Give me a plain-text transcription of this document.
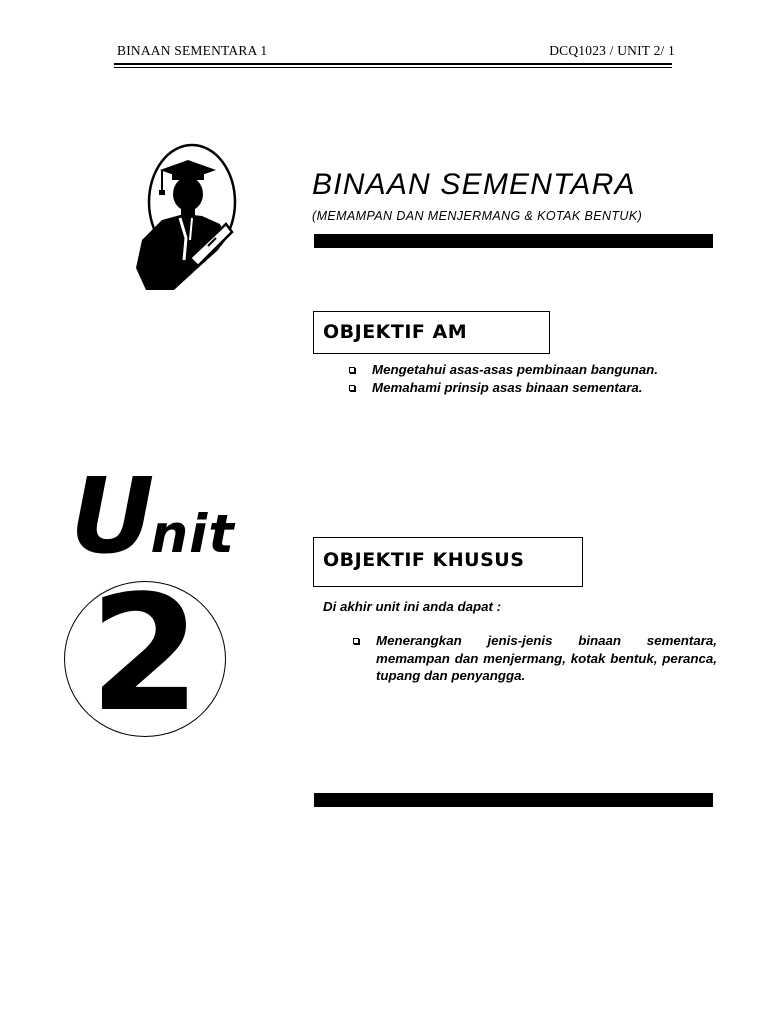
BINAAN SEMENTARA 1	DCQ1023 / UNIT 2/ 1
BINAAN SEMENTARA
(MEMAMPAN DAN MENJERMANG & KOTAK BENTUK)
OBJEKTIF AM
Mengetahui asas-asas pembinaan bangunan.
Memahami prinsip asas binaan sementara.
Unit
2	OBJEKTIF KHUSUS
Di akhir unit ini anda dapat :
Menerangkan jenis-jenis binaan sementara, memampan dan menjermang, kotak bentuk, peranca, tupang dan penyangga.
